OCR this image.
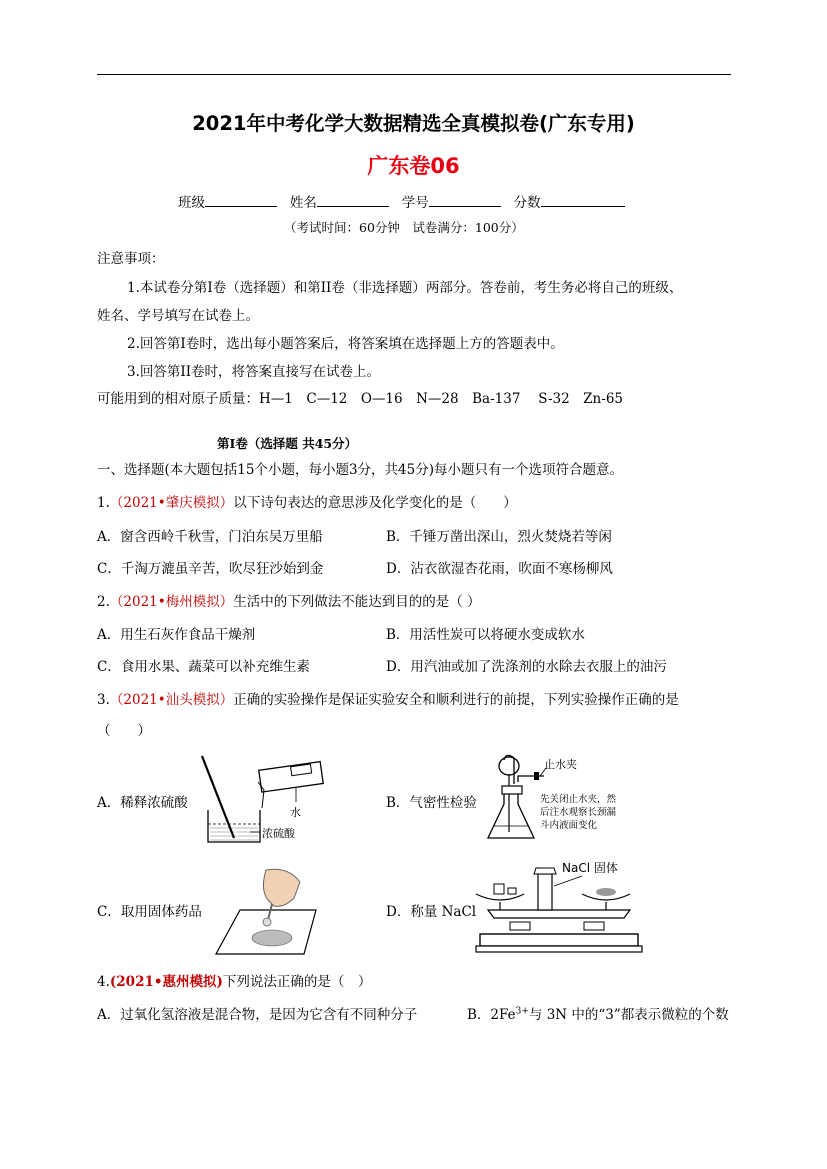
2021年中考化学大数据精选全真模拟卷(广东专用)
广东卷06
班级	姓名	学号	分数
（考试时间：60分钟　试卷满分：100分）
注意事项：
1.本试卷分第I卷（选择题）和第II卷（非选择题）两部分。答卷前，考生务必将自己的班级、
姓名、学号填写在试卷上。
2.回答第I卷时，选出每小题答案后，将答案填在选择题上方的答题表中。
3.回答第II卷时，将答案直接写在试卷上。
可能用到的相对原子质量：H—1　C—12　O—16　N—28　Ba-137　 S-32　Zn-65
第Ⅰ卷（选择题 共45分）
一、选择题(本大题包括15个小题，每小题3分，共45分)每小题只有一个选项符合题意。
1.（2021•肇庆模拟）以下诗句表达的意思涉及化学变化的是（　　）
A．窗含西岭千秋雪，门泊东吴万里船	B．千锤万凿出深山，烈火焚烧若等闲
C．千淘万漉虽辛苦，吹尽狂沙始到金	D．沾衣欲湿杏花雨，吹面不寒杨柳风
2.（2021•梅州模拟）生活中的下列做法不能达到目的的是（ ）
A．用生石灰作食品干燥剂	B．用活性炭可以将硬水变成软水
C．食用水果、蔬菜可以补充维生素	D．用汽油或加了洗涤剂的水除去衣服上的油污
3.（2021•汕头模拟）正确的实验操作是保证实验安全和顺利进行的前提，下列实验操作正确的是
（　　）
A．稀释浓硫酸	B．气密性检验
C．取用固体药品	D．称量 NaCl
水
浓硫酸
止水夹
先关闭止水夹，然
后注水观察长颈漏
斗内液面变化
NaCl 固体
4.(2021•惠州模拟)下列说法正确的是（　）
A．过氧化氢溶液是混合物，是因为它含有不同种分子	B．$2Fe^{3+}$与 3N 中的“3”都表示微粒的个数
